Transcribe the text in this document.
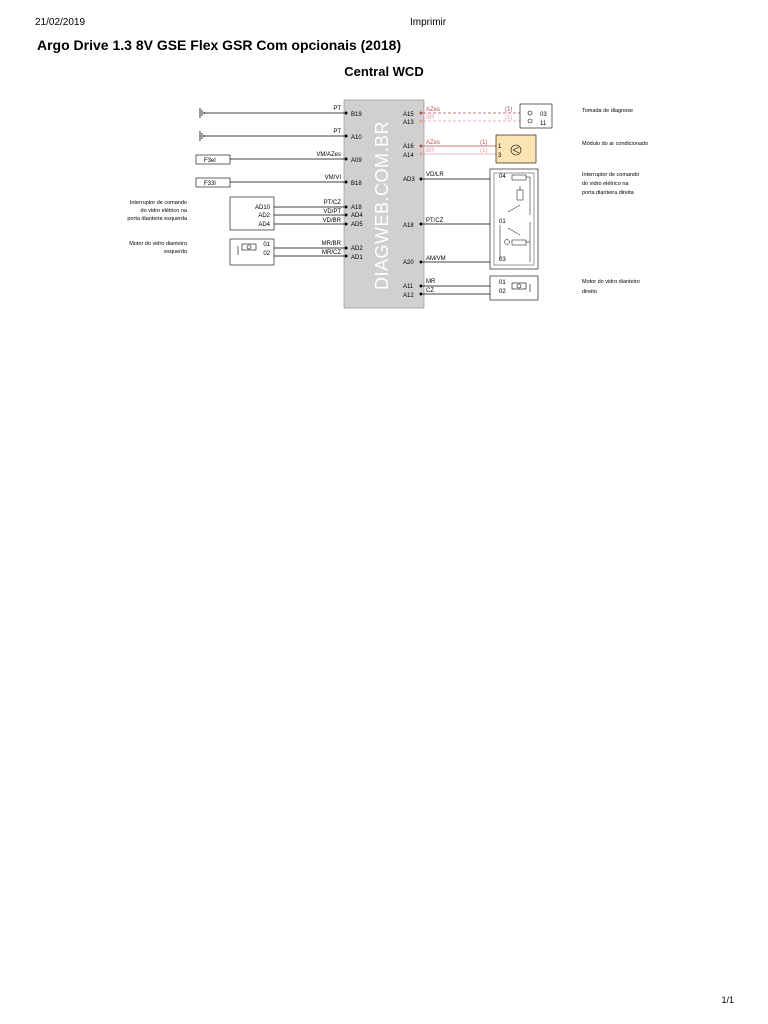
21/02/2019	Imprimir
Argo Drive 1.3 8V GSE Flex GSR Com opcionais (2018)
Central WCD
DIAGWEB.COM.BR
PT
B19
PT
A10
F3el
VM/AZes
A09
F33l
VM/VI
B18
Interruptor de comando
do vidro elétrico na
porta dianteira esquerda
AD10
AD2
AD4
PT/CZ
VD/PT
VD/BR
A18
AD4
AD5
Motor do vidro dianteiro
esquerdo
01
02
MR/BR
MR/CZ
AD2
AD1
A15
A13
AZes
BR
(1)
(1)	03
11
Tomada de diagnose
A16
A14
AZes
BR
(1)
(1)
1
3
Módulo do ar condicionado
AD3
A18
A20
VD/LR
PT/CZ
AM/VM
04
01
03
Interruptor de comando
do vidro elétrico na
porta dianteira direita
A11
A12
MR
CZ
01
02
Motor do vidro dianteiro
direito
1/1
